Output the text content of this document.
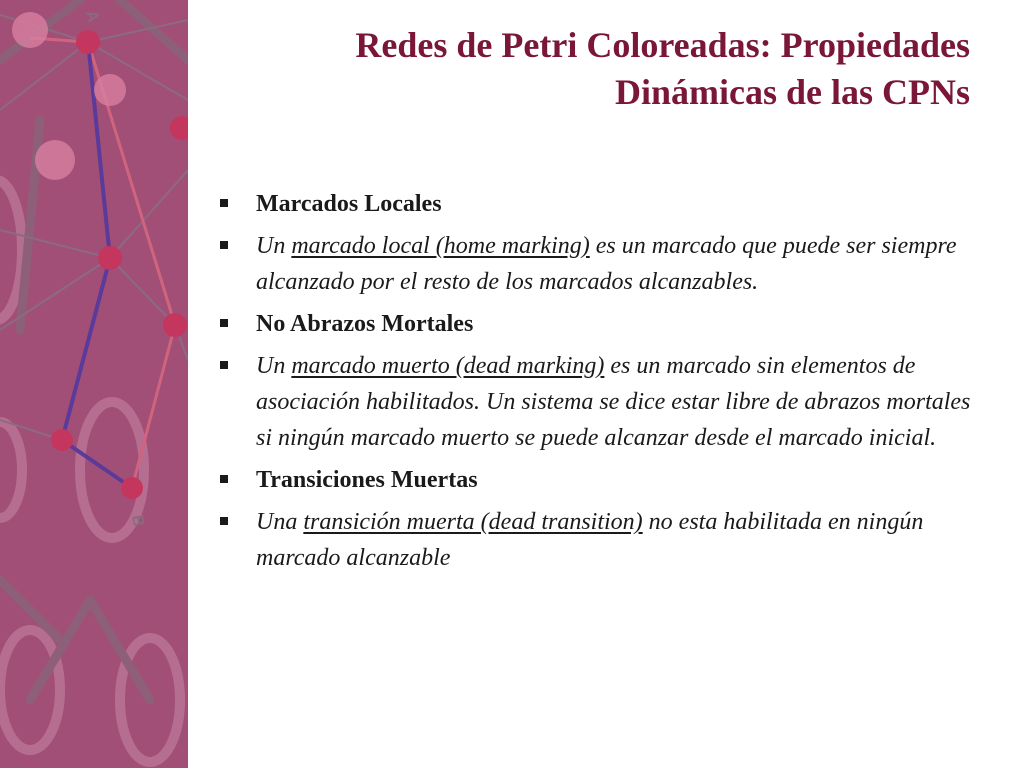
A
B
Redes de Petri Coloreadas: Propiedades
Dinámicas de las CPNs
Marcados Locales
Un marcado local (home marking) es un marcado que puede ser siempre alcanzado por el resto de los marcados alcanzables.
No Abrazos Mortales
Un marcado muerto (dead marking) es un marcado sin elementos de asociación habilitados. Un sistema se dice estar libre de abrazos mortales si ningún marcado muerto se puede alcanzar desde el marcado inicial.
Transiciones Muertas
Una transición muerta (dead transition) no esta habilitada en ningún marcado alcanzable
